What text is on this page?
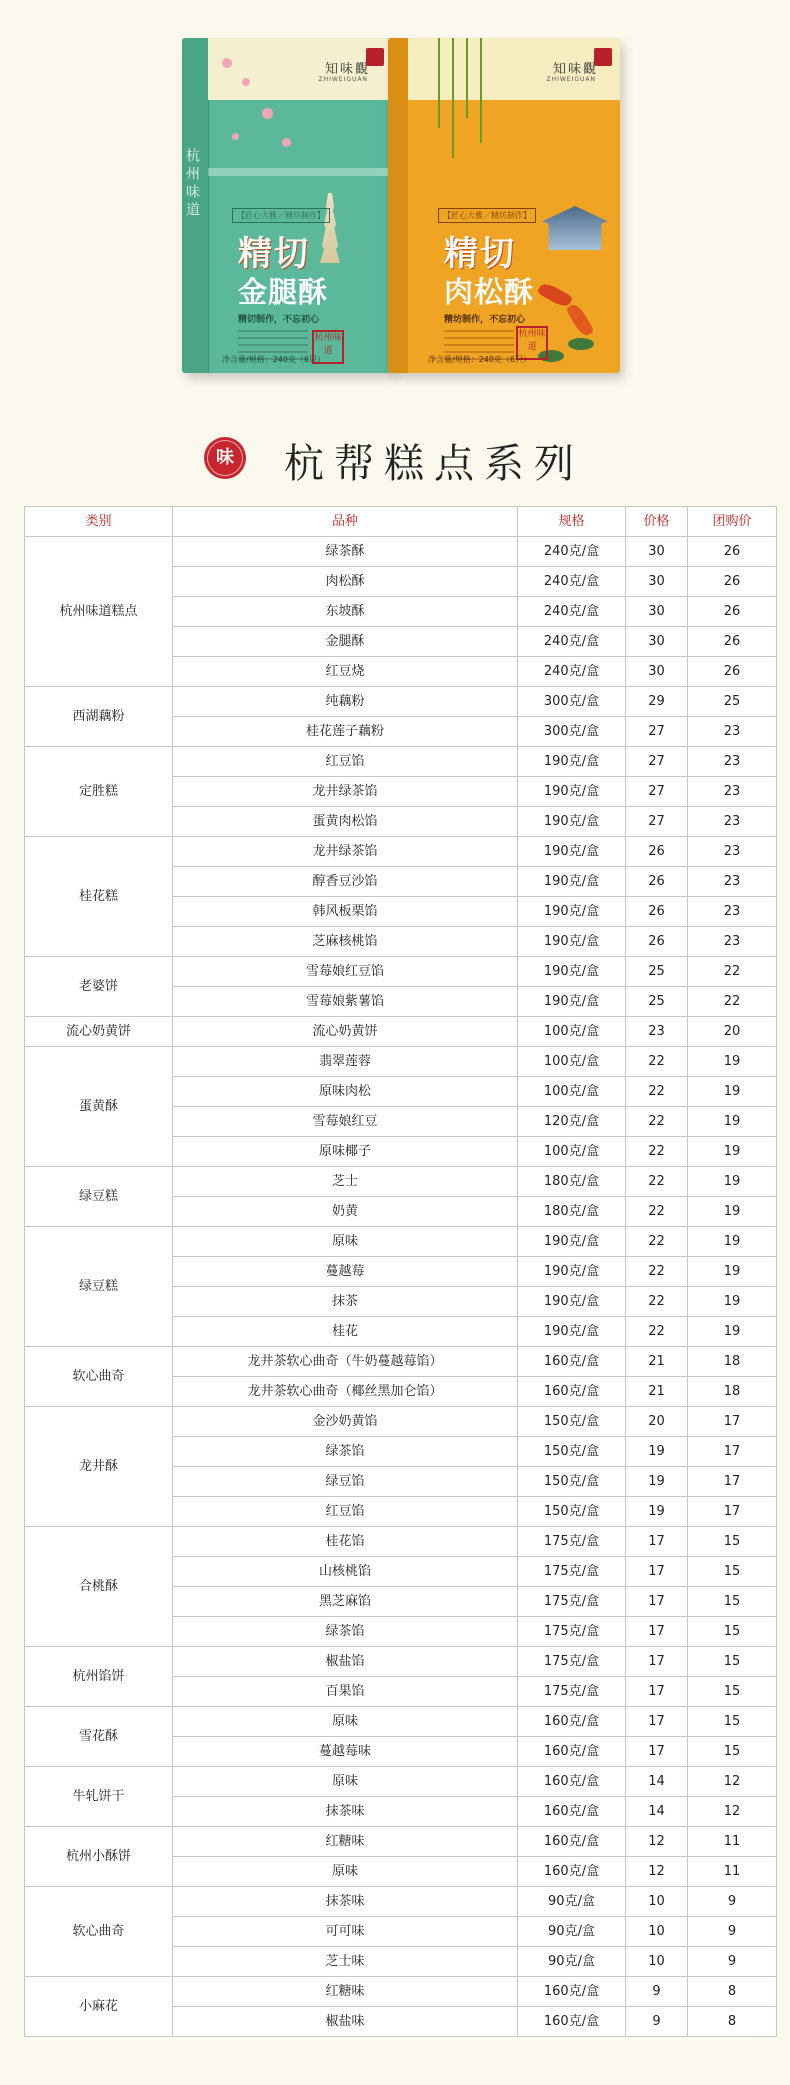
知味觀
ZHIWEIGUAN
杭州味道	【匠心大雅／精坊制作】
精切
金腿酥
精切制作，不忘初心
杭州味道
净含量/规格：240克（6只）
知味觀
ZHIWEIGUAN
【匠心大雅／精坊制作】
精切
肉松酥
精坊制作，不忘初心
杭州味道
净含量/规格：240克（6只）
味	杭帮糕点系列
类别	品种	规格	价格	团购价
杭州味道糕点	绿茶酥	240克/盒	30	26
	肉松酥	240克/盒	30	26
	东坡酥	240克/盒	30	26
	金腿酥	240克/盒	30	26
	红豆烧	240克/盒	30	26
西湖藕粉	纯藕粉	300克/盒	29	25
	桂花莲子藕粉	300克/盒	27	23
定胜糕	红豆馅	190克/盒	27	23
	龙井绿茶馅	190克/盒	27	23
	蛋黄肉松馅	190克/盒	27	23
桂花糕	龙井绿茶馅	190克/盒	26	23
	醇香豆沙馅	190克/盒	26	23
	韩风板栗馅	190克/盒	26	23
	芝麻核桃馅	190克/盒	26	23
老婆饼	雪莓娘红豆馅	190克/盒	25	22
	雪莓娘紫薯馅	190克/盒	25	22
流心奶黄饼	流心奶黄饼	100克/盒	23	20
蛋黄酥	翡翠莲蓉	100克/盒	22	19
	原味肉松	100克/盒	22	19
	雪莓娘红豆	120克/盒	22	19
	原味椰子	100克/盒	22	19
绿豆糕	芝士	180克/盒	22	19
	奶黄	180克/盒	22	19
绿豆糕	原味	190克/盒	22	19
	蔓越莓	190克/盒	22	19
	抹茶	190克/盒	22	19
	桂花	190克/盒	22	19
软心曲奇	龙井茶软心曲奇（牛奶蔓越莓馅）	160克/盒	21	18
	龙井茶软心曲奇（椰丝黑加仑馅）	160克/盒	21	18
龙井酥	金沙奶黄馅	150克/盒	20	17
	绿茶馅	150克/盒	19	17
	绿豆馅	150克/盒	19	17
	红豆馅	150克/盒	19	17
合桃酥	桂花馅	175克/盒	17	15
	山核桃馅	175克/盒	17	15
	黑芝麻馅	175克/盒	17	15
	绿茶馅	175克/盒	17	15
杭州馅饼	椒盐馅	175克/盒	17	15
	百果馅	175克/盒	17	15
雪花酥	原味	160克/盒	17	15
	蔓越莓味	160克/盒	17	15
牛轧饼干	原味	160克/盒	14	12
	抹茶味	160克/盒	14	12
杭州小酥饼	红糖味	160克/盒	12	11
	原味	160克/盒	12	11
软心曲奇	抹茶味	90克/盒	10	9
	可可味	90克/盒	10	9
	芝士味	90克/盒	10	9
小麻花	红糖味	160克/盒	9	8
	椒盐味	160克/盒	9	8
